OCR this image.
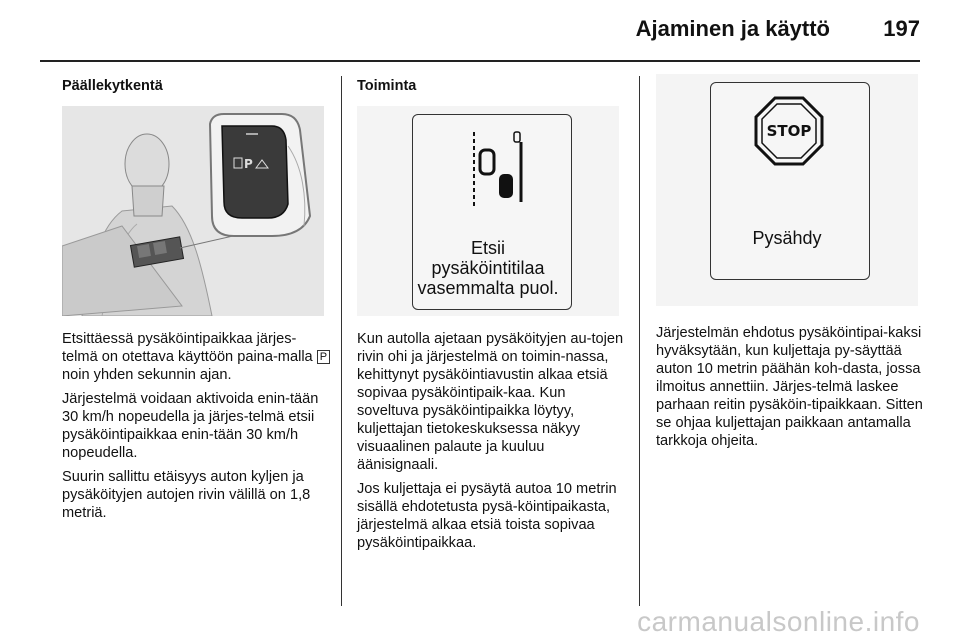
Ajaminen ja käyttö 197
Päällekytkentä
P

Etsittäessä pysäköintipaikkaa järjes-telmä on otettava käyttöön paina-malla P noin yhden sekunnin ajan.

Järjestelmä voidaan aktivoida enin-tään 30 km/h nopeudella ja järjes-telmä etsii pysäköintipaikkaa enin-tään 30 km/h nopeudella.

Suurin sallittu etäisyys auton kyljen ja pysäköityjen autojen rivin välillä on 1,8 metriä.

Toiminta
Etsii
pysäköintitilaa
vasemmalta puol.

Kun autolla ajetaan pysäköityjen au-tojen rivin ohi ja järjestelmä on toimin-nassa, kehittynyt pysäköintiavustin alkaa etsiä sopivaa pysäköintipaik-kaa. Kun soveltuva pysäköintipaikka löytyy, kuljettajan tietokeskuksessa näkyy visuaalinen palaute ja kuuluu äänisignaali.

Jos kuljettaja ei pysäytä autoa 10 metrin sisällä ehdotetusta pysä-köintipaikasta, järjestelmä alkaa etsiä toista sopivaa pysäköintipaikkaa.

STOP
Pysähdy

Järjestelmän ehdotus pysäköintipai-kaksi hyväksytään, kun kuljettaja py-säyttää auton 10 metrin päähän koh-dasta, jossa ilmoitus annettiin. Järjes-telmä laskee parhaan reitin pysäköin-tipaikkaan. Sitten se ohjaa kuljettajan paikkaan antamalla tarkkoja ohjeita.

carmanualsonline.info
